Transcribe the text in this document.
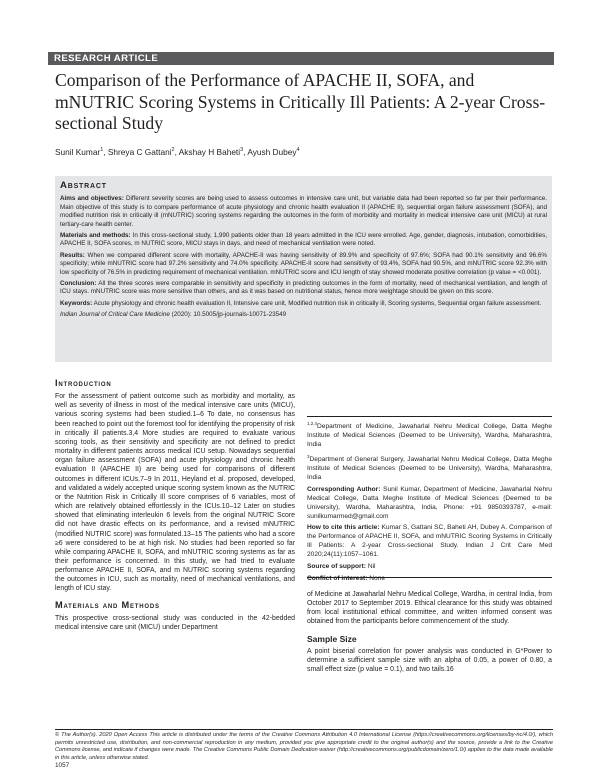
RESEARCH ARTICLE
Comparison of the Performance of APACHE II, SOFA, and mNUTRIC Scoring Systems in Critically Ill Patients: A 2-year Cross-sectional Study
Sunil Kumar$^1$, Shreya C Gattani$^2$, Akshay H Baheti$^3$, Ayush Dubey$^4$
Abstract

Aims and objectives: Different severity scores are being used to assess outcomes in intensive care unit, but variable data had been reported so far per their performance. Main objective of this study is to compare performance of acute physiology and chronic health evaluation II (APACHE II), sequential organ failure assessment (SOFA), and modified nutrition risk in critically ill (mNUTRIC) scoring systems regarding the outcomes in the form of morbidity and mortality in medical intensive care unit (MICU) at rural tertiary-care health center.

Materials and methods: In this cross-sectional study, 1,990 patients older than 18 years admitted in the ICU were enrolled. Age, gender, diagnosis, intubation, comorbidities, APACHE II, SOFA scores, m NUTRIC score, MICU stays in days, and need of mechanical ventilation were noted.

Results: When we compared different score with mortality, APACHE-II was having sensitivity of 89.9% and specificity of 97.6%; SOFA had 90.1% sensitivity and 96.6% specificity; while mNUTRIC score had 97.2% sensitivity and 74.0% specificity. APACHE-II score had sensitivity of 93.4%, SOFA had 90.5%, and mNUTRIC score 92.3% with low specificity of 76.5% in predicting requirement of mechanical ventilation. mNUTRIC score and ICU length of stay showed moderate positive correlation (p value = <0.001).

Conclusion: All the three scores were comparable in sensitivity and specificity in predicting outcomes in the form of mortality, need of mechanical ventilation, and length of ICU stays. mNUTRIC score was more sensitive than others, and as it was based on nutritional status, hence more weightage should be given on this score.

Keywords: Acute physiology and chronic health evaluation II, Intensive care unit, Modified nutrition risk in critically ill, Scoring systems, Sequential organ failure assessment.

Indian Journal of Critical Care Medicine (2020): 10.5005/jp-journals-10071-23549

Introduction

For the assessment of patient outcome such as morbidity and mortality, as well as severity of illness in most of the medical intensive care units (MICU), various scoring systems had been studied.1–6 To date, no consensus has been reached to point out the foremost tool for identifying the propensity of risk in critically ill patients.3,4 More studies are required to evaluate various scoring tools, as their sensitivity and specificity are not defined to predict mortality in different patients across medical ICU setup. Nowadays sequential organ failure assessment (SOFA) and acute physiology and chronic health evaluation II (APACHE II) are being used for comparisons of different outcomes in different ICUs.7–9 In 2011, Heyland et al. proposed, developed, and validated a widely accepted unique scoring system known as the NUTRIC or the Nutrition Risk in Critically Ill score comprises of 6 variables, most of which are relatively obtained effortlessly in the ICUs.10–12 Later on studies showed that eliminating interleukin 6 levels from the original NUTRIC Score did not have drastic effects on its performance, and a revised mNUTRIC (modified NUTRIC score) was formulated.13–15 The patients who had a score ≥6 were considered to be at high risk. No studies had been reported so far while comparing APACHE II, SOFA, and mNUTRIC scoring systems as far as their performance is concerned. In this study, we had tried to evaluate performance APACHE II, SOFA, and m NUTRIC scoring systems regarding the outcomes in ICU, such as mortality, need of mechanical ventilations, and length of ICU stay.

Materials and Methods

This prospective cross-sectional study was conducted in the 42-bedded medical intensive care unit (MICU) under Department

$^{1,2,4}$Department of Medicine, Jawaharlal Nehru Medical College, Datta Meghe Institute of Medical Sciences (Deemed to be University), Wardha, Maharashtra, India

$^3$Department of General Surgery, Jawaharlal Nehru Medical College, Datta Meghe Institute of Medical Sciences (Deemed to be University), Wardha, Maharashtra, India

Corresponding Author: Sunil Kumar, Department of Medicine, Jawaharlal Nehru Medical College, Datta Meghe Institute of Medical Sciences (Deemed to be University), Wardha, Maharashtra, India, Phone: +91 9850393787, e-mail: sunilkumarmed@gmail.com

How to cite this article: Kumar S, Gattani SC, Baheti AH, Dubey A. Comparison of the Performance of APACHE II, SOFA, and mNUTRIC Scoring Systems in Critically Ill Patients: A 2-year Cross-sectional Study. Indian J Crit Care Med 2020;24(11):1057–1061.

Source of support: Nil

Conflict of interest: None

of Medicine at Jawaharlal Nehru Medical College, Wardha, in central India, from October 2017 to September 2019. Ethical clearance for this study was obtained from local institutional ethical committee, and written informed consent was obtained from the participants before commencement of the study.

Sample Size

A point biserial correlation for power analysis was conducted in G*Power to determine a sufficient sample size with an alpha of 0.05, a power of 0.80, a small effect size (p value = 0.1), and two tails.16

© The Author(s). 2020 Open Access This article is distributed under the terms of the Creative Commons Attribution 4.0 International License (https://creativecommons.org/licenses/by-nc/4.0/), which permits unrestricted use, distribution, and non-commercial reproduction in any medium, provided you give appropriate credit to the original author(s) and the source, provide a link to the Creative Commons license, and indicate if changes were made. The Creative Commons Public Domain Dedication waiver (http://creativecommons.org/publicdomain/zero/1.0/) applies to the data made available in this article, unless otherwise stated.
1057
